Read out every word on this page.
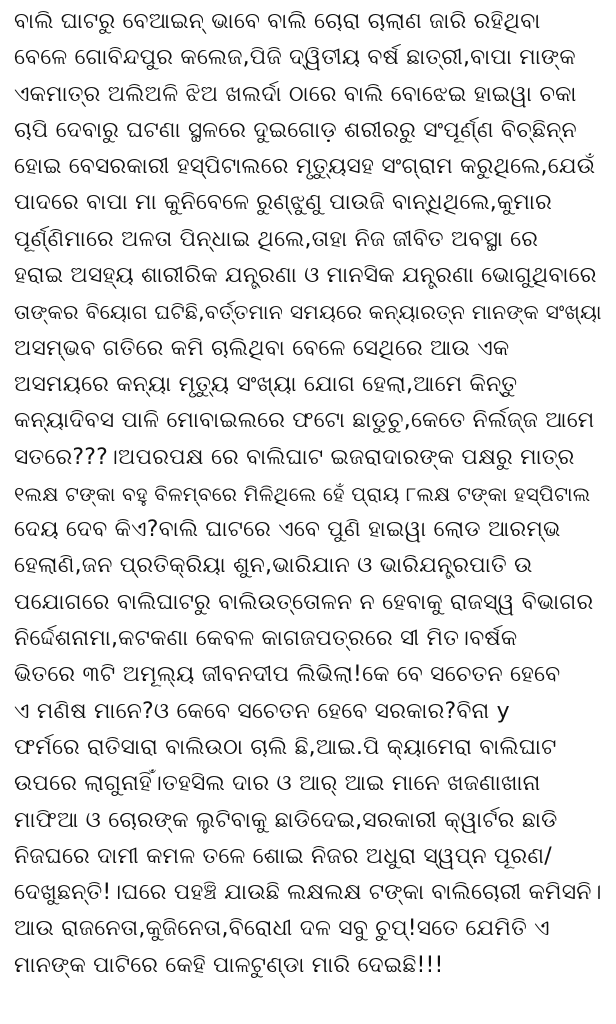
ବାଲି ଘାଟରୁ ବେଆଇନ୍ ଭାବେ ବାଲି ଚୋରା ଚାଲାଣ ଜାରି ରହିଥିବା
ବେଳେ ଗୋବିନ୍ଦପୁର କଲେଜ,ପିଜି ଦ୍ୱିତୀୟ ବର୍ଷ ଛାତ୍ରୀ,ବାପା ମାଙ୍କ
ଏକମାତ୍ର ଅଲିଅଳି ଝିଅ ଖଲର୍ଦା ଠାରେ ବାଲି ବୋଝେଇ ହାଇୱା ଚକା
ଚାପି ଦେବାରୁ ଘଟଣା ସ୍ଥଳରେ ଦୁଇଗୋଡ଼ ଶରୀରରୁ ସଂପୂର୍ଣ୍ଣ ବିଚ୍ଛିନ୍ନ
ହୋଇ ବେସରକାରୀ ହସ୍ପିଟାଲରେ ମୃତ୍ୟୁସହ ସଂଗ୍ରାମ କରୁଥିଲେ,ଯେଉଁ
ପାଦରେ ବାପା ମା କୁନିବେଳେ ରୁଣ୍ଝୁଣୁ ପାଉଜି ବାନ୍ଧିଥିଲେ,କୁମାର
ପୂର୍ଣ୍ଣିମାରେ ଅଳତା ପିନ୍ଧାଇ ଥିଲେ,ତାହା ନିଜ ଜୀବିତ ଅବସ୍ଥା ରେ
ହରାଇ ଅସହ୍ୟ ଶାରୀରିକ ଯନ୍ତ୍ରଣା ଓ ମାନସିକ ଯନ୍ତ୍ରଣା ଭୋଗୁଥିବାରେ
ତାଙ୍କର ବିୟୋଗ ଘଟିଛି,ବର୍ତ୍ତମାନ ସମୟରେ କନ୍ୟାରତ୍ନ ମାନଙ୍କ ସଂଖ୍ୟା
ଅସମ୍ଭବ ଗତିରେ କମି ଚାଲିଥିବା ବେଳେ ସେଥିରେ ଆଉ ଏକ
ଅସମୟରେ କନ୍ୟା ମୃତ୍ୟୁ ସଂଖ୍ୟା ଯୋଗ ହେଲା,ଆମେ କିନ୍ତୁ
କନ୍ୟାଦିବସ ପାଳି ମୋବାଇଲରେ ଫଟୋ ଛାଡୁଚୁ,କେତେ ନିର୍ଲଜ୍ଜ ଆମେ
ସତରେ???।ଅପରପକ୍ଷ ରେ ବାଲିଘାଟ ଇଜରାଦାରଙ୍କ ପକ୍ଷରୁ ମାତ୍ର
୧ଲକ୍ଷ ଟଙ୍କା ବହୁ ବିଳମ୍ବରେ ମିଳିଥିଲେ ହେଁ ପ୍ରାୟ ୮ଲକ୍ଷ ଟଙ୍କା ହସ୍ପିଟାଲ
ଦେୟ ଦେବ କିଏ?ବାଲି ଘାଟରେ ଏବେ ପୁଣି ହାଇୱା ଲୋଡ ଆରମ୍ଭ
ହେଲାଣି,ଜନ ପ୍ରତିକ୍ରିୟା ଶୁନ,ଭାରିଯାନ ଓ ଭାରିଯନ୍ତ୍ରପାତି ଉ
ପଯୋଗରେ ବାଲିଘାଟରୁ ବାଲିଉତ୍ତୋଳନ ନ ହେବାକୁ ରାଜସ୍ୱ ବିଭାଗର
ନିର୍ଦ୍ଦେଶନାମା,କଟକଣା କେବଳ କାଗଜପତ୍ରରେ ସୀ ମିତ।ବର୍ଷକ
ଭିତରେ ୩ଟି ଅମୂଲ୍ୟ ଜୀବନଦୀପ ଲିଭିଲା!କେ ବେ ସଚେତନ ହେବେ
ଏ ମଣିଷ ମାନେ?ଓ କେବେ ସଚେତନ ହେବେ ସରକାର?ବିନା y
ଫର୍ମରେ ରାତିସାରା ବାଲିଉଠା ଚାଲି ଛି,ଆଇ.ପି କ୍ୟାମେରା ବାଲିଘାଟ
ଉପରେ ଲାଗୁନାହିଁ।ତହସିଲ ଦାର ଓ ଆର୍ ଆଇ ମାନେ ଖଜଣାଖାନା
ମାଫିଆ ଓ ଚୋରଙ୍କ ଲୁଟିବାକୁ ଛାଡିଦେଇ,ସରକାରୀ କ୍ୱାର୍ଟର ଛାଡି
ନିଜଘରେ ଦାମୀ କମଳ ତଳେ ଶୋଇ ନିଜର ଅଧୁରା ସ୍ୱପ୍ନ ପୂରଣ/
ଦେଖୁଛନ୍ତି!।ଘରେ ପହଞ୍ଚି ଯାଉଛି ଲକ୍ଷଲକ୍ଷ ଟଙ୍କା ବାଲିଚୋରୀ କମିସନି।
ଆଉ ରାଜନେତା,କୁଜିନେତା,ବିରୋଧୀ ଦଳ ସବୁ ଚୁପ୍!ସତେ ଯେମିତି ଏ
ମାନଙ୍କ ପାଟିରେ କେହି ପାଳଟୁଣ୍ଡା ମାରି ଦେଇଛି!!!
